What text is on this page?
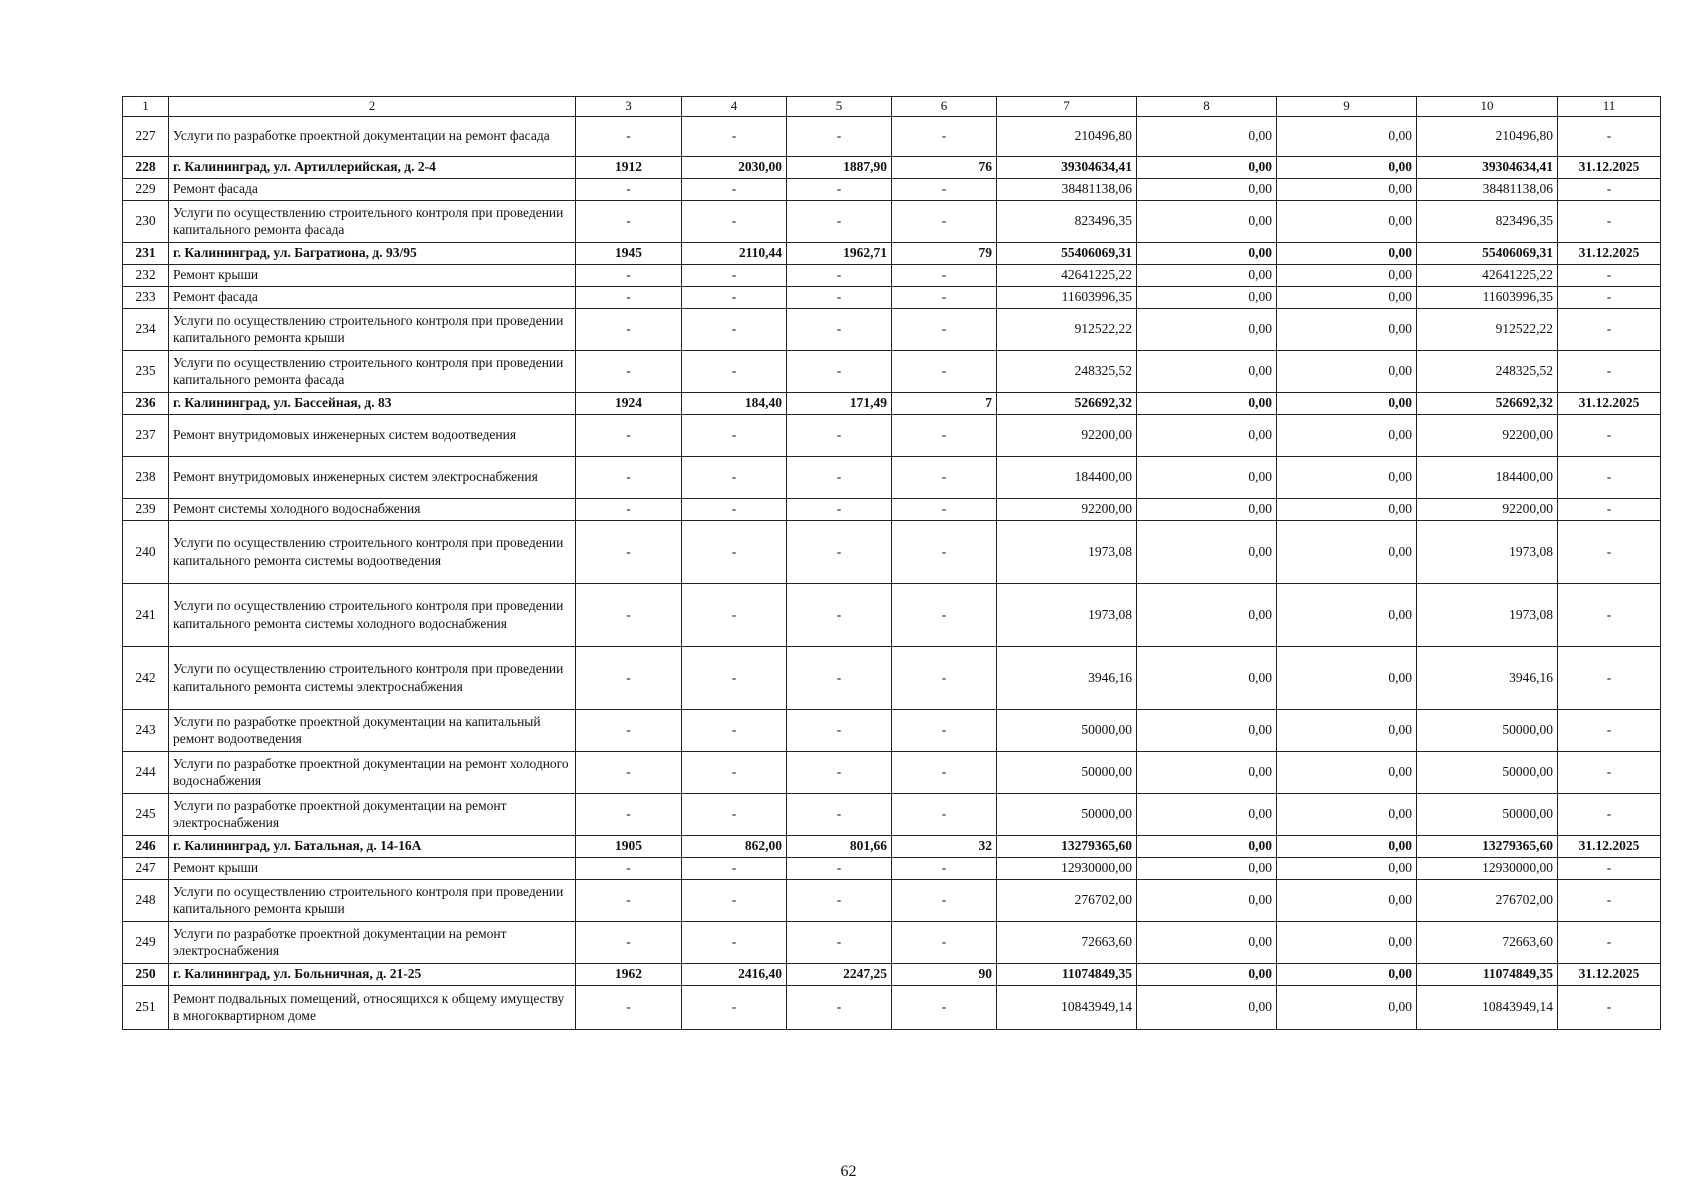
1	2	3	4	5	6	7	8	9	10	11
227	Услуги по разработке проектной документации на ремонт фасада	-	-	-	-	210496,80	0,00	0,00	210496,80	-
228	г. Калининград, ул. Артиллерийская, д. 2-4	1912	2030,00	1887,90	76	39304634,41	0,00	0,00	39304634,41	31.12.2025
229	Ремонт фасада	-	-	-	-	38481138,06	0,00	0,00	38481138,06	-
230	Услуги по осуществлению строительного контроля при проведении капитального ремонта фасада	-	-	-	-	823496,35	0,00	0,00	823496,35	-
231	г. Калининград, ул. Багратиона, д. 93/95	1945	2110,44	1962,71	79	55406069,31	0,00	0,00	55406069,31	31.12.2025
232	Ремонт крыши	-	-	-	-	42641225,22	0,00	0,00	42641225,22	-
233	Ремонт фасада	-	-	-	-	11603996,35	0,00	0,00	11603996,35	-
234	Услуги по осуществлению строительного контроля при проведении капитального ремонта крыши	-	-	-	-	912522,22	0,00	0,00	912522,22	-
235	Услуги по осуществлению строительного контроля при проведении капитального ремонта фасада	-	-	-	-	248325,52	0,00	0,00	248325,52	-
236	г. Калининград, ул. Бассейная, д. 83	1924	184,40	171,49	7	526692,32	0,00	0,00	526692,32	31.12.2025
237	Ремонт внутридомовых инженерных систем водоотведения	-	-	-	-	92200,00	0,00	0,00	92200,00	-
238	Ремонт внутридомовых инженерных систем электроснабжения	-	-	-	-	184400,00	0,00	0,00	184400,00	-
239	Ремонт системы холодного водоснабжения	-	-	-	-	92200,00	0,00	0,00	92200,00	-
240	Услуги по осуществлению строительного контроля при проведении капитального ремонта системы водоотведения	-	-	-	-	1973,08	0,00	0,00	1973,08	-
241	Услуги по осуществлению строительного контроля при проведении капитального ремонта системы холодного водоснабжения	-	-	-	-	1973,08	0,00	0,00	1973,08	-
242	Услуги по осуществлению строительного контроля при проведении капитального ремонта системы электроснабжения	-	-	-	-	3946,16	0,00	0,00	3946,16	-
243	Услуги по разработке проектной документации на капитальный ремонт водоотведения	-	-	-	-	50000,00	0,00	0,00	50000,00	-
244	Услуги по разработке проектной документации на ремонт холодного водоснабжения	-	-	-	-	50000,00	0,00	0,00	50000,00	-
245	Услуги по разработке проектной документации на ремонт электроснабжения	-	-	-	-	50000,00	0,00	0,00	50000,00	-
246	г. Калининград, ул. Батальная, д. 14-16А	1905	862,00	801,66	32	13279365,60	0,00	0,00	13279365,60	31.12.2025
247	Ремонт крыши	-	-	-	-	12930000,00	0,00	0,00	12930000,00	-
248	Услуги по осуществлению строительного контроля при проведении капитального ремонта крыши	-	-	-	-	276702,00	0,00	0,00	276702,00	-
249	Услуги по разработке проектной документации на ремонт электроснабжения	-	-	-	-	72663,60	0,00	0,00	72663,60	-
250	г. Калининград, ул. Больничная, д. 21-25	1962	2416,40	2247,25	90	11074849,35	0,00	0,00	11074849,35	31.12.2025
251	Ремонт подвальных помещений, относящихся к общему имуществу в многоквартирном доме	-	-	-	-	10843949,14	0,00	0,00	10843949,14	-
62
